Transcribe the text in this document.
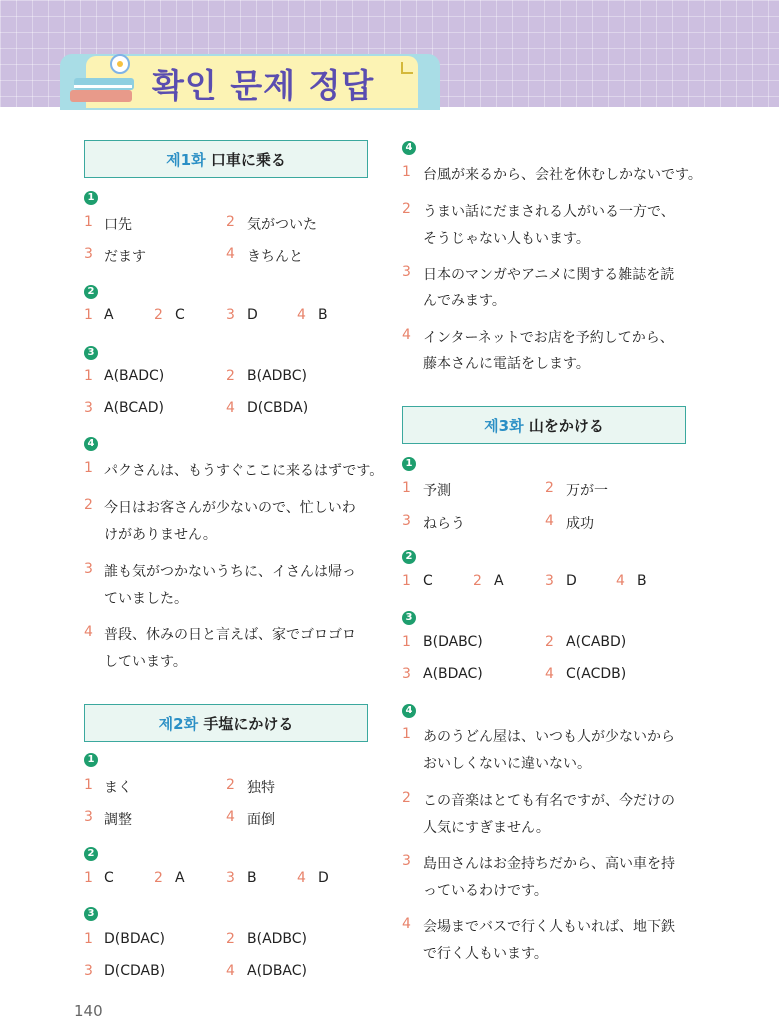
확인 문제 정답
제1화 口車に乗る
1
1 口先	2 気がついた
3 だます	4 きちんと
2
1 A	2 C	3 D	4 B
3
1 A(BADC)	2 B(ADBC)
3 A(BCAD)	4 D(CBDA)
4
1 パクさんは、もうすぐここに来るはずです。
2 今日はお客さんが少ないので、忙しいわ
けがありません。
3 誰も気がつかないうちに、イさんは帰っ
ていました。
4 普段、休みの日と言えば、家でゴロゴロ
しています。
제2화 手塩にかける
1
1 まく	2 独特
3 調整	4 面倒
2
1 C	2 A	3 B	4 D
3
1 D(BDAC)	2 B(ADBC)
3 D(CDAB)	4 A(DBAC)
4
1 台風が来るから、会社を休むしかないです。
2 うまい話にだまされる人がいる一方で、
そうじゃない人もいます。
3 日本のマンガやアニメに関する雑誌を読
んでみます。
4 インターネットでお店を予約してから、
藤本さんに電話をします。
제3화 山をかける
1
1 予測	2 万が一
3 ねらう	4 成功
2
1 C	2 A	3 D	4 B
3
1 B(DABC)	2 A(CABD)
3 A(BDAC)	4 C(ACDB)
4
1 あのうどん屋は、いつも人が少ないから
おいしくないに違いない。
2 この音楽はとても有名ですが、今だけの
人気にすぎません。
3 島田さんはお金持ちだから、高い車を持
っているわけです。
4 会場までバスで行く人もいれば、地下鉄
で行く人もいます。
140
